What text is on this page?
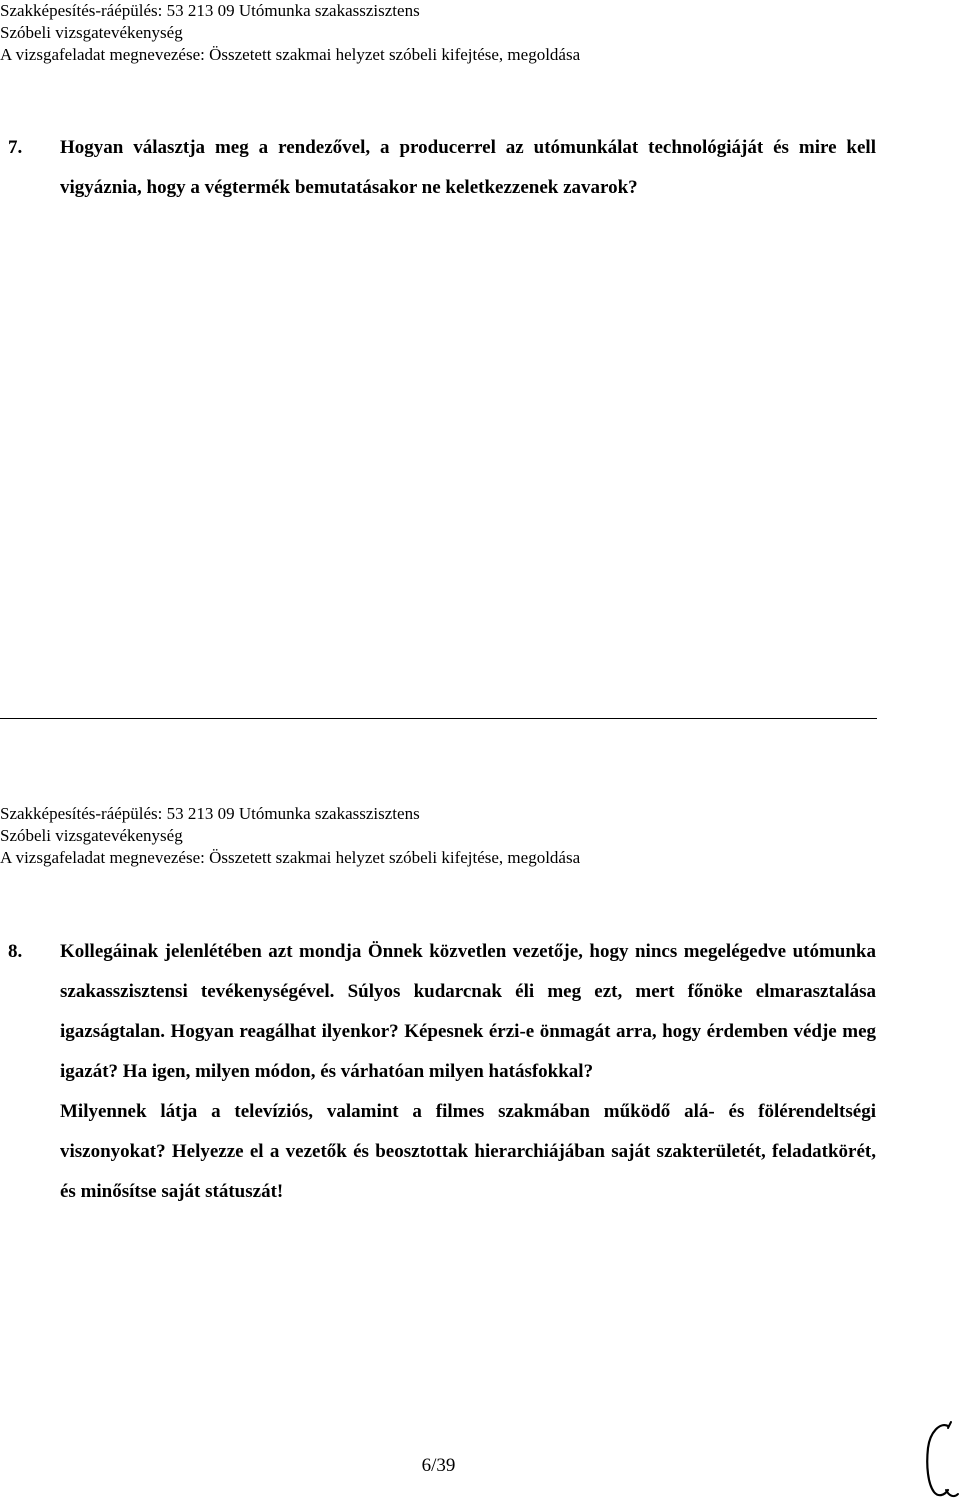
Szakképesítés-ráépülés: 53 213 09 Utómunka szakasszisztens
Szóbeli vizsgatevékenység
A vizsgafeladat megnevezése: Összetett szakmai helyzet szóbeli kifejtése, megoldása
7. Hogyan választja meg a rendezővel, a producerrel az utómunkálat technológiáját és mire kell vigyáznia, hogy a végtermék bemutatásakor ne keletkezzenek zavarok?
Szakképesítés-ráépülés: 53 213 09 Utómunka szakasszisztens
Szóbeli vizsgatevékenység
A vizsgafeladat megnevezése: Összetett szakmai helyzet szóbeli kifejtése, megoldása
8. Kollegáinak jelenlétében azt mondja Önnek közvetlen vezetője, hogy nincs megelégedve utómunka szakasszisztensi tevékenységével. Súlyos kudarcnak éli meg ezt, mert főnöke elmarasztalása igazságtalan. Hogyan reagálhat ilyenkor? Képesnek érzi-e önmagát arra, hogy érdemben védje meg igazát? Ha igen, milyen módon, és várhatóan milyen hatásfokkal?

Milyennek látja a televíziós, valamint a filmes szakmában működő alá- és fölérendeltségi viszonyokat? Helyezze el a vezetők és beosztottak hierarchiájában saját szakterületét, feladatkörét, és minősítse saját státuszát!

6/39
